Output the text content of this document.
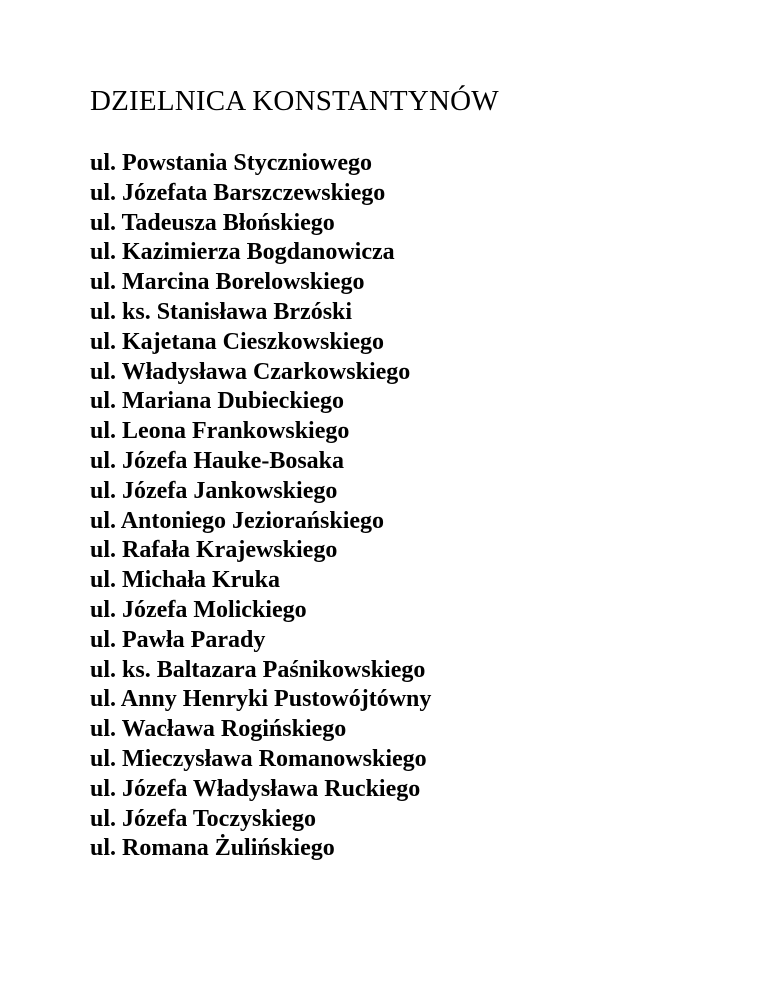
DZIELNICA KONSTANTYNÓW
ul. Powstania Styczniowego
ul. Józefata Barszczewskiego
ul. Tadeusza Błońskiego
ul. Kazimierza Bogdanowicza
ul. Marcina Borelowskiego
ul. ks. Stanisława Brzóski
ul. Kajetana Cieszkowskiego
ul. Władysława Czarkowskiego
ul. Mariana Dubieckiego
ul. Leona Frankowskiego
ul. Józefa Hauke-Bosaka
ul. Józefa Jankowskiego
ul. Antoniego Jeziorańskiego
ul. Rafała Krajewskiego
ul. Michała Kruka
ul. Józefa Molickiego
ul. Pawła Parady
ul. ks. Baltazara Paśnikowskiego
ul. Anny Henryki Pustowójtówny
ul. Wacława Rogińskiego
ul. Mieczysława Romanowskiego
ul. Józefa Władysława Ruckiego
ul. Józefa Toczyskiego
ul. Romana Żulińskiego
